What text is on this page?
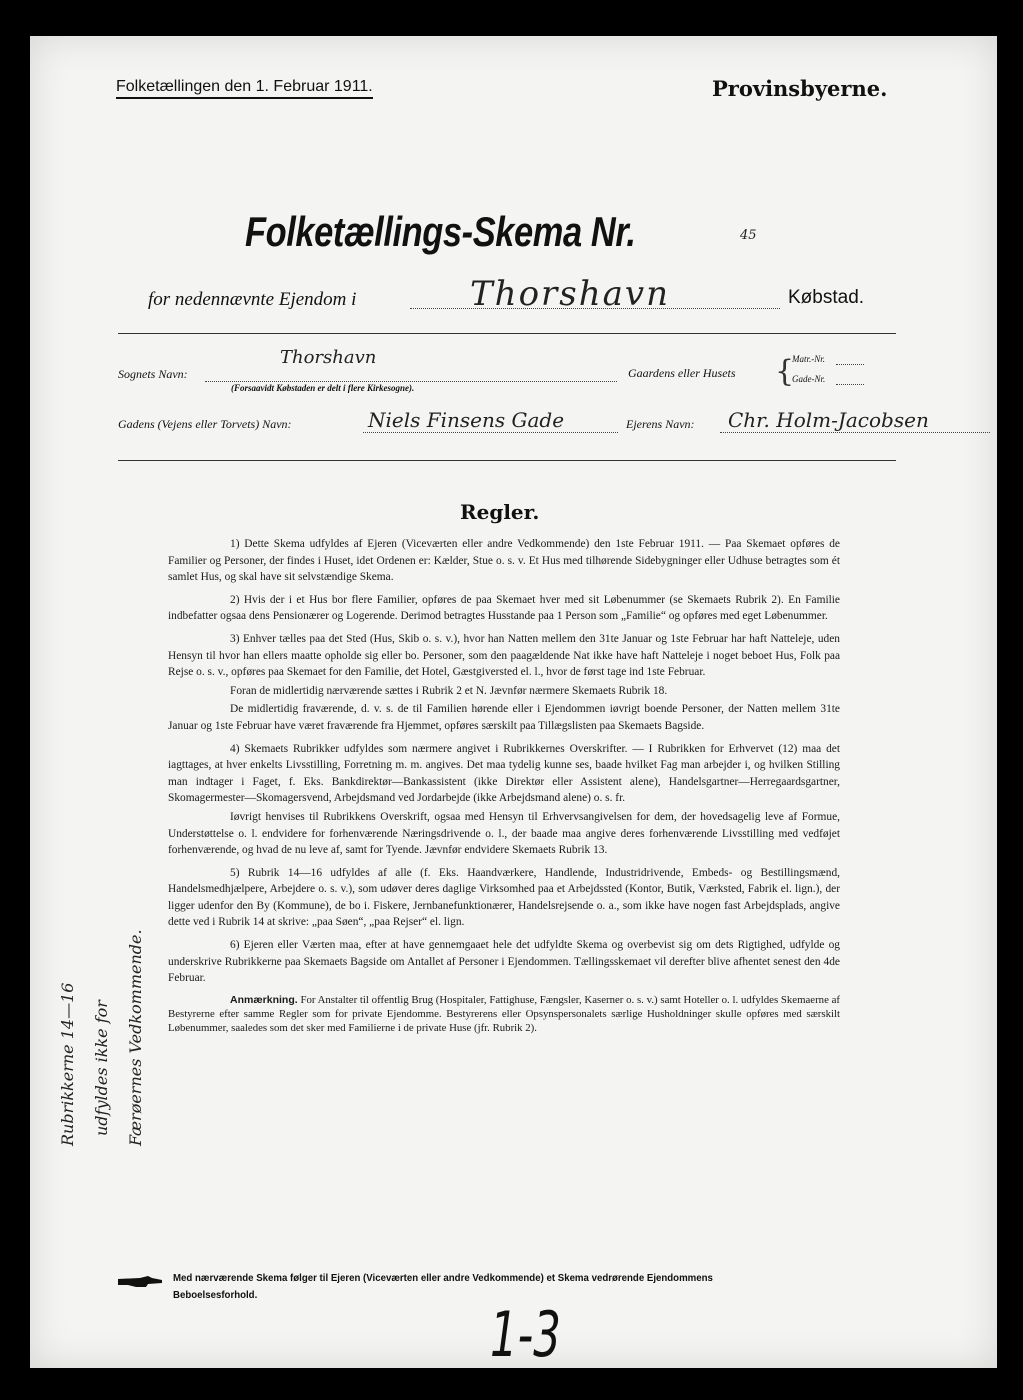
Folketællingen den 1. Februar 1911.	Provinsbyerne.
Folketællings-Skema Nr.	45
for nedennævnte Ejendom i	Thorshavn	Købstad.
Sognets Navn:
Thorshavn
(Forsaavidt Købstaden er delt i flere Kirkesogne).
Gaardens eller Husets {
Matr.-Nr.
Gade-Nr.
Gadens (Vejens eller Torvets) Navn:	Niels Finsens Gade	Ejerens Navn: Chr. Holm-Jacobsen
Regler.

1) Dette Skema udfyldes af Ejeren (Viceværten eller andre Vedkommende) den 1ste Februar 1911. — Paa Skemaet opføres de Familier og Personer, der findes i Huset, idet Ordenen er: Kælder, Stue o. s. v. Et Hus med tilhørende Sidebygninger eller Udhuse betragtes som ét samlet Hus, og skal have sit selvstændige Skema.

2) Hvis der i et Hus bor flere Familier, opføres de paa Skemaet hver med sit Løbenummer (se Skemaets Rubrik 2). En Familie indbefatter ogsaa dens Pensionærer og Logerende. Derimod betragtes Husstande paa 1 Person som „Familie“ og opføres med eget Løbenummer.

3) Enhver tælles paa det Sted (Hus, Skib o. s. v.), hvor han Natten mellem den 31te Januar og 1ste Februar har haft Natteleje, uden Hensyn til hvor han ellers maatte opholde sig eller bo. Personer, som den paagældende Nat ikke have haft Natteleje i noget beboet Hus, Folk paa Rejse o. s. v., opføres paa Skemaet for den Familie, det Hotel, Gæstgiversted el. l., hvor de først tage ind 1ste Februar.

Foran de midlertidig nærværende sættes i Rubrik 2 et N. Jævnfør nærmere Skemaets Rubrik 18.

De midlertidig fraværende, d. v. s. de til Familien hørende eller i Ejendommen iøvrigt boende Personer, der Natten mellem 31te Januar og 1ste Februar have været fraværende fra Hjemmet, opføres særskilt paa Tillægslisten paa Skemaets Bagside.

4) Skemaets Rubrikker udfyldes som nærmere angivet i Rubrikkernes Overskrifter. — I Rubrikken for Erhvervet (12) maa det iagttages, at hver enkelts Livsstilling, Forretning m. m. angives. Det maa tydelig kunne ses, baade hvilket Fag man arbejder i, og hvilken Stilling man indtager i Faget, f. Eks. Bankdirektør—Bankassistent (ikke Direktør eller Assistent alene), Handelsgartner—Herregaardsgartner, Skomagermester—Skomagersvend, Arbejdsmand ved Jordarbejde (ikke Arbejdsmand alene) o. s. fr.

Iøvrigt henvises til Rubrikkens Overskrift, ogsaa med Hensyn til Erhvervsangivelsen for dem, der hovedsagelig leve af Formue, Understøttelse o. l. endvidere for forhenværende Næringsdrivende o. l., der baade maa angive deres forhenværende Livsstilling med vedføjet forhenværende, og hvad de nu leve af, samt for Tyende. Jævnfør endvidere Skemaets Rubrik 13.

5) Rubrik 14—16 udfyldes af alle (f. Eks. Haandværkere, Handlende, Industridrivende, Embeds- og Bestillingsmænd, Handelsmedhjælpere, Arbejdere o. s. v.), som udøver deres daglige Virksomhed paa et Arbejdssted (Kontor, Butik, Værksted, Fabrik el. lign.), der ligger udenfor den By (Kommune), de bo i. Fiskere, Jernbanefunktionærer, Handelsrejsende o. a., som ikke have nogen fast Arbejdsplads, angive dette ved i Rubrik 14 at skrive: „paa Søen“, „paa Rejser“ el. lign.

6) Ejeren eller Værten maa, efter at have gennemgaaet hele det udfyldte Skema og overbevist sig om dets Rigtighed, udfylde og underskrive Rubrikkerne paa Skemaets Bagside om Antallet af Personer i Ejendommen. Tællingsskemaet vil derefter blive afhentet senest den 4de Februar.

Anmærkning. For Anstalter til offentlig Brug (Hospitaler, Fattighuse, Fængsler, Kaserner o. s. v.) samt Hoteller o. l. udfyldes Skemaerne af Bestyrerne efter samme Regler som for private Ejendomme. Bestyrerens eller Opsynspersonalets særlige Husholdninger skulle opføres med særskilt Løbenummer, saaledes som det sker med Familierne i de private Huse (jfr. Rubrik 2).

Rubrikkerne 14—16 udfyldes ikke for Færøernes Vedkommende.
Med nærværende Skema følger til Ejeren (Viceværten eller andre Vedkommende) et Skema vedrørende Ejendommens Beboelsesforhold.
1-3
